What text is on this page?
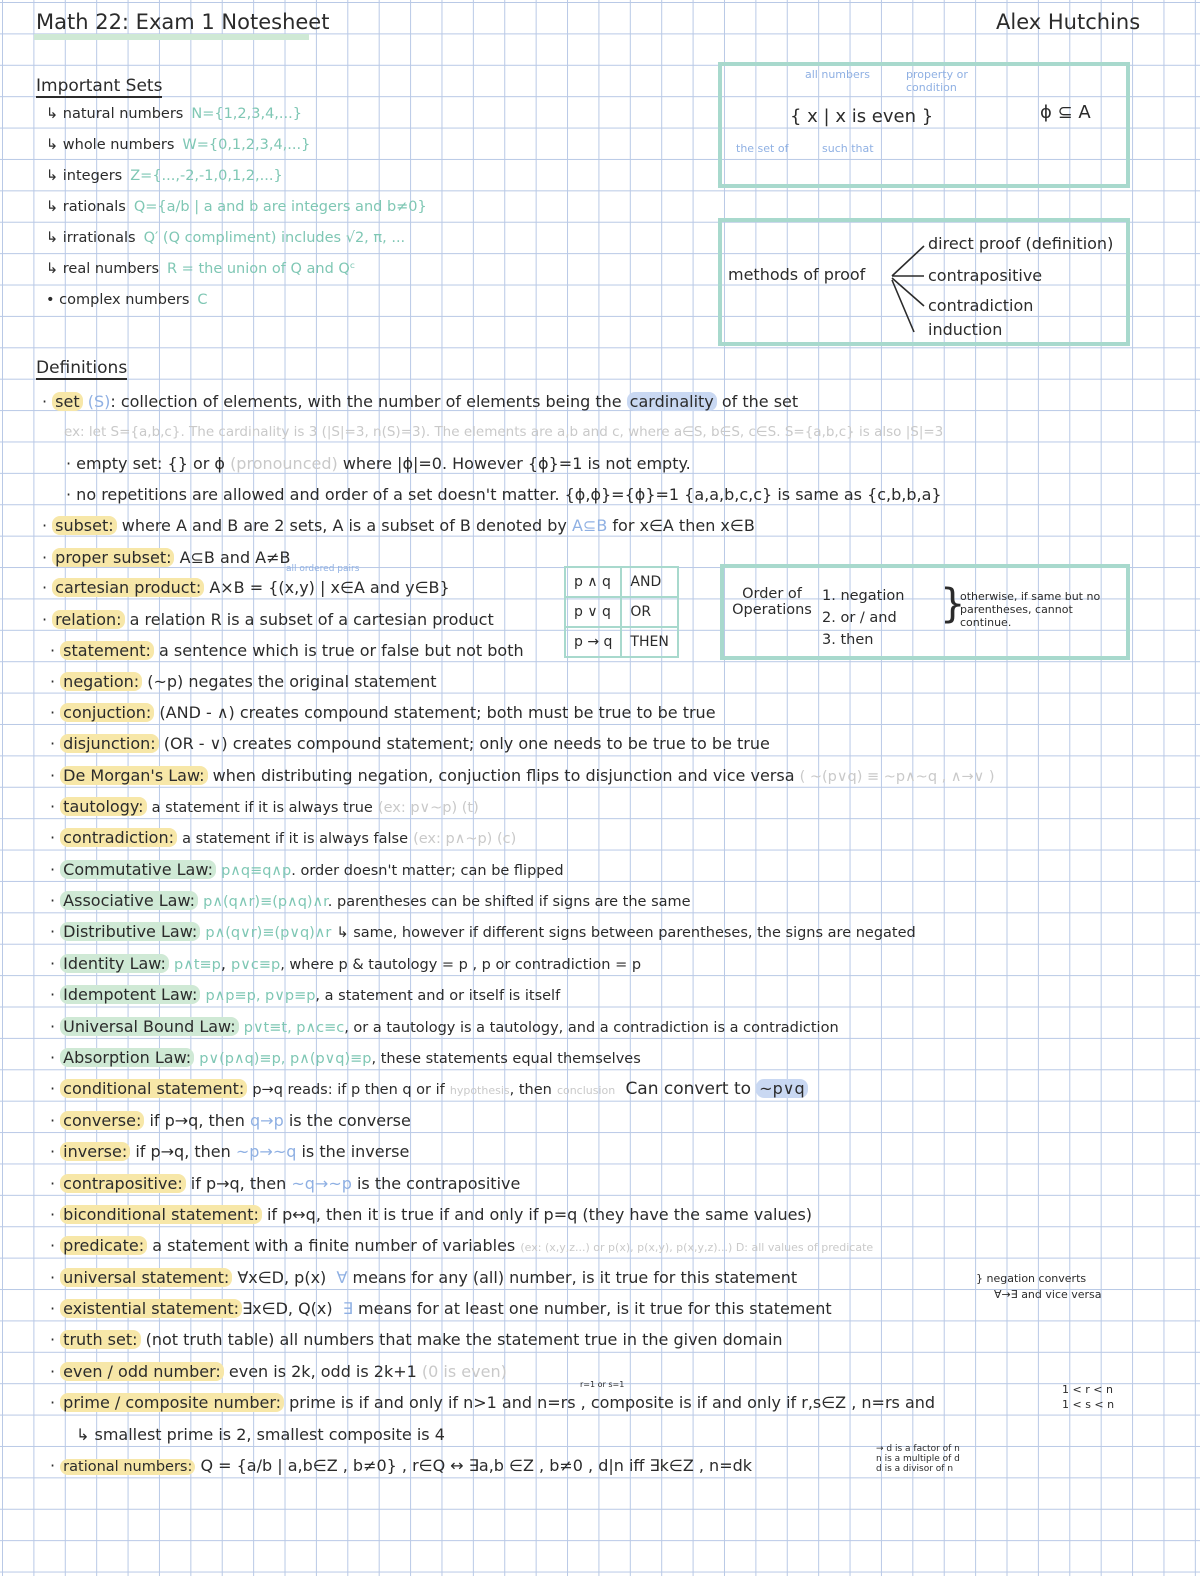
Math 22: Exam 1 Notesheet	Alex Hutchins
Important Sets
↳ natural numbers N={1,2,3,4,...}
↳ whole numbers W={0,1,2,3,4,...}
↳ integers Z={...,-2,-1,0,1,2,...}
↳ rationals Q={a/b | a and b are integers and b≠0}
↳ irrationals Q′ (Q compliment) includes √2, π, ...
↳ real numbers R = the union of Q and Qᶜ
• complex numbers C
all numbers	property or condition
{ x | x is even }
the set of	such that
ϕ ⊆ A
methods of proof
direct proof (definition)
contrapositive
contradiction
induction
Definitions
· set (S): collection of elements, with the number of elements being the cardinality of the set
ex: let S={a,b,c}. The cardinality is 3 (|S|=3, n(S)=3). The elements are a,b and c, where a∈S, b∈S, c∈S. S={a,b,c} is also |S|=3
· empty set: {} or ϕ (pronounced) where |ϕ|=0. However {ϕ}=1 is not empty.
· no repetitions are allowed and order of a set doesn't matter. {ϕ,ϕ}={ϕ}=1 {a,a,b,c,c} is same as {c,b,b,a}
· subset: where A and B are 2 sets, A is a subset of B denoted by A⊆B for x∈A then x∈B
· proper subset: A⊆B and A≠B
all ordered pairs
· cartesian product: A×B = {(x,y) | x∈A and y∈B}
· relation: a relation R is a subset of a cartesian product
· statement: a sentence which is true or false but not both
· negation: (~p) negates the original statement
p ∧ q	AND
p ∨ q	OR
p → q	THEN
Order of Operations
1. negation
2. or / and
3. then
}
otherwise, if same but no parentheses, cannot continue.
· conjuction: (AND - ∧) creates compound statement; both must be true to be true
· disjunction: (OR - ∨) creates compound statement; only one needs to be true to be true
· De Morgan's Law: when distributing negation, conjuction flips to disjunction and vice versa ( ~(p∨q) ≡ ~p∧~q , ∧→∨ )
· tautology: a statement if it is always true (ex: p∨~p) (t)
· contradiction: a statement if it is always false (ex: p∧~p) (c)
· Commutative Law: p∧q≡q∧p. order doesn't matter; can be flipped
· Associative Law: p∧(q∧r)≡(p∧q)∧r. parentheses can be shifted if signs are the same
· Distributive Law: p∧(q∨r)≡(p∨q)∧r ↳ same, however if different signs between parentheses, the signs are negated
· Identity Law: p∧t≡p, p∨c≡p, where p & tautology = p , p or contradiction = p
· Idempotent Law: p∧p≡p, p∨p≡p, a statement and or itself is itself
· Universal Bound Law: p∨t≡t, p∧c≡c, or a tautology is a tautology, and a contradiction is a contradiction
· Absorption Law: p∨(p∧q)≡p, p∧(p∨q)≡p, these statements equal themselves
· conditional statement: p→q reads: if p then q or if hypothesis, then conclusion Can convert to ~p∨q
· converse: if p→q, then q→p is the converse
· inverse: if p→q, then ~p→~q is the inverse
· contrapositive: if p→q, then ~q→~p is the contrapositive
· biconditional statement: if p↔q, then it is true if and only if p=q (they have the same values)
· predicate: a statement with a finite number of variables (ex: (x,y,z...) or p(x), p(x,y), p(x,y,z)...) D: all values of predicate
· universal statement: ∀x∈D, p(x) ∀ means for any (all) number, is it true for this statement
· existential statement: ∃x∈D, Q(x) ∃ means for at least one number, is it true for this statement
} negation converts
∀→∃ and vice versa
· truth set: (not truth table) all numbers that make the statement true in the given domain
· even / odd number: even is 2k, odd is 2k+1 (0 is even)
r=1 or s=1
· prime / composite number: prime is if and only if n>1 and n=rs , composite is if and only if r,s∈Z , n=rs and
1 < r < n
1 < s < n
↳ smallest prime is 2, smallest composite is 4
· rational numbers: Q = {a/b | a,b∈Z , b≠0} , r∈Q ↔ ∃a,b ∈Z , b≠0 , d|n iff ∃k∈Z , n=dk
→ d is a factor of n
n is a multiple of d
d is a divisor of n
